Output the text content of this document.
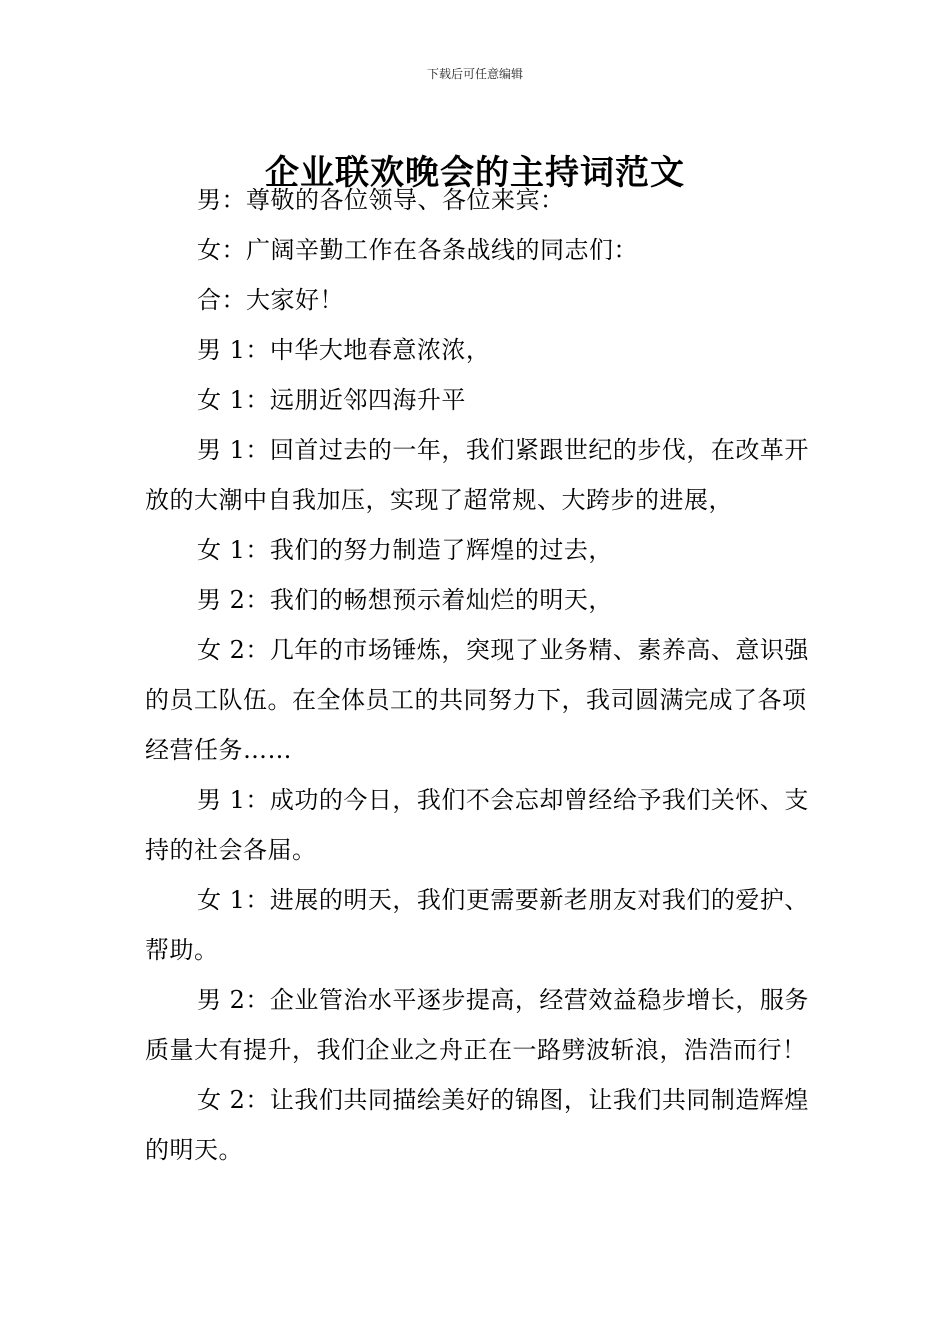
下载后可任意编辑
企业联欢晚会的主持词范文

男：尊敬的各位领导、各位来宾：

女：广阔辛勤工作在各条战线的同志们：

合：大家好！

男 1：中华大地春意浓浓，

女 1：远朋近邻四海升平

男 1：回首过去的一年，我们紧跟世纪的步伐，在改革开放的大潮中自我加压，实现了超常规、大跨步的进展，

女 1：我们的努力制造了辉煌的过去，

男 2：我们的畅想预示着灿烂的明天，

女 2：几年的市场锤炼，突现了业务精、素养高、意识强的员工队伍。在全体员工的共同努力下，我司圆满完成了各项经营任务……

男 1：成功的今日，我们不会忘却曾经给予我们关怀、支持的社会各届。

女 1：进展的明天，我们更需要新老朋友对我们的爱护、帮助。

男 2：企业管治水平逐步提高，经营效益稳步增长，服务质量大有提升，我们企业之舟正在一路劈波斩浪，浩浩而行！

女 2：让我们共同描绘美好的锦图，让我们共同制造辉煌的明天。
